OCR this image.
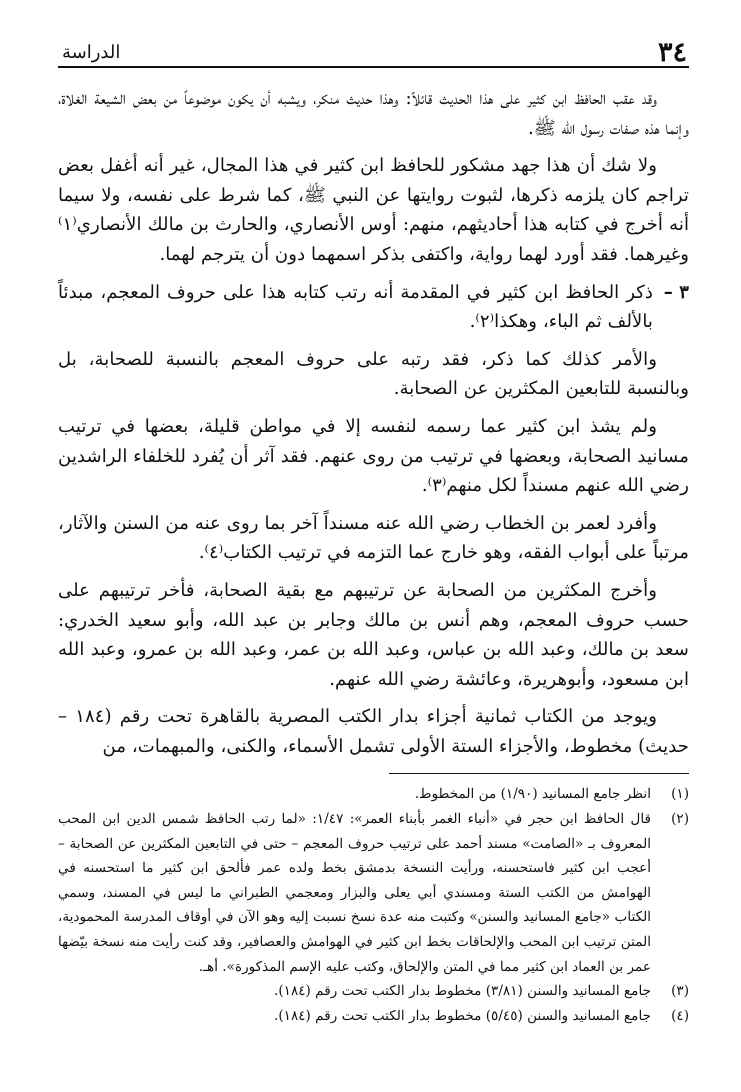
٣٤
الدراسة

وقد عقب الحافظ ابن كثير على هذا الحديث قائلاً: وهذا حديث منكر، ويشبه أن يكون موضوعاً من بعض الشيعة الغلاة، وإنما هذه صفات رسول الله ﷺ.

ولا شك أن هذا جهد مشكور للحافظ ابن كثير في هذا المجال، غير أنه أغفل بعض تراجم كان يلزمه ذكرها، لثبوت روايتها عن النبي ﷺ، كما شرط على نفسه، ولا سيما أنه أخرج في كتابه هذا أحاديثهم، منهم: أوس الأنصاري، والحارث بن مالك الأنصاري⁽١⁾ وغيرهما. فقد أورد لهما رواية، واكتفى بذكر اسمهما دون أن يترجم لهما.

٣ –
ذكر الحافظ ابن كثير في المقدمة أنه رتب كتابه هذا على حروف المعجم، مبدئاً بالألف ثم الباء، وهكذا⁽٢⁾.

والأمر كذلك كما ذكر، فقد رتبه على حروف المعجم بالنسبة للصحابة، بل وبالنسبة للتابعين المكثرين عن الصحابة.

ولم يشذ ابن كثير عما رسمه لنفسه إلا في مواطن قليلة، بعضها في ترتيب مسانيد الصحابة، وبعضها في ترتيب من روى عنهم. فقد آثر أن يُفرد للخلفاء الراشدين رضي الله عنهم مسنداً لكل منهم⁽٣⁾.

وأفرد لعمر بن الخطاب رضي الله عنه مسنداً آخر بما روى عنه من السنن والآثار، مرتباً على أبواب الفقه، وهو خارج عما التزمه في ترتيب الكتاب⁽٤⁾.

وأخرج المكثرين من الصحابة عن ترتيبهم مع بقية الصحابة، فأخر ترتيبهم على حسب حروف المعجم، وهم أنس بن مالك وجابر بن عبد الله، وأبو سعيد الخدري: سعد بن مالك، وعبد الله بن عباس، وعبد الله بن عمر، وعبد الله بن عمرو، وعبد الله ابن مسعود، وأبوهريرة، وعائشة رضي الله عنهم.

ويوجد من الكتاب ثمانية أجزاء بدار الكتب المصرية بالقاهرة تحت رقم (١٨٤ – حديث) مخطوط، والأجزاء الستة الأولى تشمل الأسماء، والكنى، والمبهمات، من

(١)
انظر جامع المسانيد (١/٩٠) من المخطوط.
(٢)
قال الحافظ ابن حجر في «أنباء الغمر بأبناء العمر»: ١/٤٧: «لما رتب الحافظ شمس الدين ابن المحب المعروف بـ «الصامت» مسند أحمد على ترتيب حروف المعجم – حتى في التابعين المكثرين عن الصحابة – أعجب ابن كثير فاستحسنه، ورأيت النسخة بدمشق بخط ولده عمر فألحق ابن كثير ما استحسنه في الهوامش من الكتب الستة ومسندي أبي يعلى والبزار ومعجمي الطبراني ما ليس في المسند، وسمي الكتاب «جامع المسانيد والسنن» وكتبت منه عدة نسخ نسبت إليه وهو الآن في أوقاف المدرسة المحمودية، المتن ترتيب ابن المحب والإلحاقات بخط ابن كثير في الهوامش والعصافير، وقد كنت رأيت منه نسخة بيّضها عمر بن العماد ابن كثير مما في المتن والإلحاق، وكتب عليه الإسم المذكورة». أهـ.
(٣)
جامع المسانيد والسنن (٣/٨١) مخطوط بدار الكتب تحت رقم (١٨٤).
(٤)
جامع المسانيد والسنن (٥/٤٥) مخطوط بدار الكتب تحت رقم (١٨٤).
